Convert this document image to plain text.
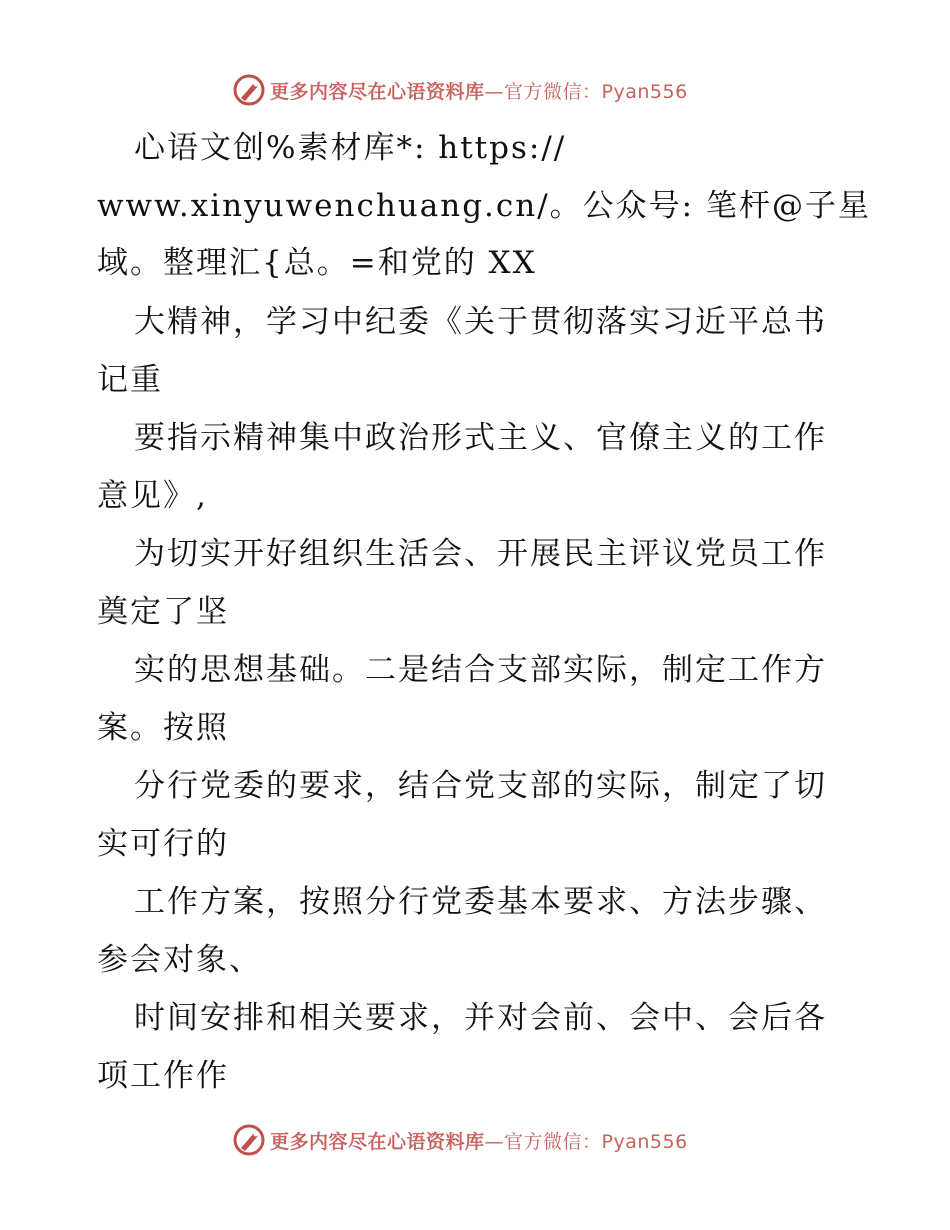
更多内容尽在心语资料库—官方微信：Pyan556
心语文创%素材库*: https://
www.xinyuwenchuang.cn/。公众号: 笔杆@子星
域。整理汇{总。=和党的 XX
大精神，学习中纪委《关于贯彻落实习近平总书
记重
要指示精神集中政治形式主义、官僚主义的工作
意见》,
为切实开好组织生活会、开展民主评议党员工作
奠定了坚
实的思想基础。二是结合支部实际，制定工作方
案。按照
分行党委的要求，结合党支部的实际，制定了切
实可行的
工作方案，按照分行党委基本要求、方法步骤、
参会对象、
时间安排和相关要求，并对会前、会中、会后各
项工作作
更多内容尽在心语资料库—官方微信：Pyan556
